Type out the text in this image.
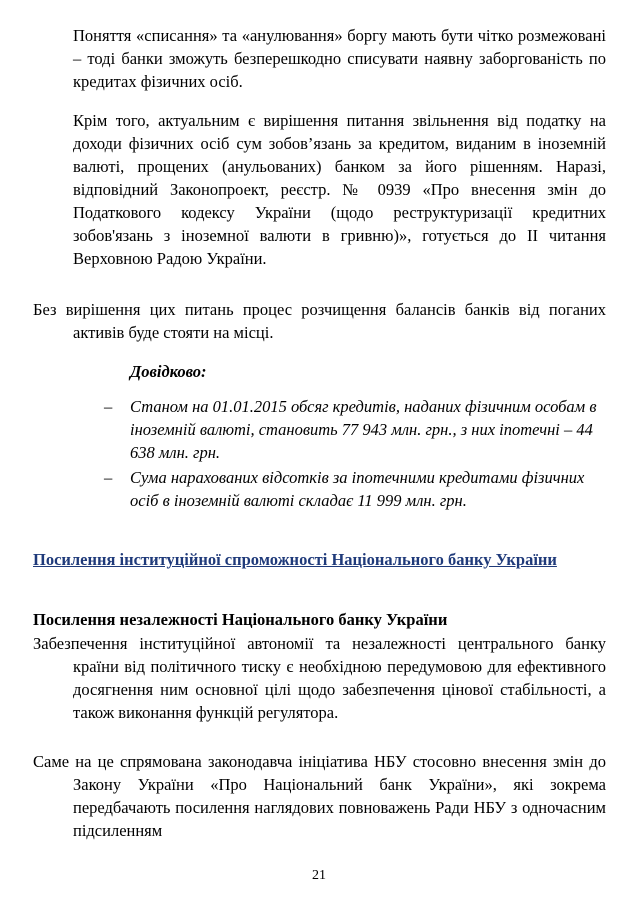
Поняття «списання» та «анулювання» боргу мають бути чітко розмежовані – тоді банки зможуть безперешкодно списувати наявну заборгованість по кредитах фізичних осіб.

Крім того, актуальним є вирішення питання звільнення від податку на доходи фізичних осіб сум зобов’язань за кредитом, виданим в іноземній валюті, прощених (анульованих) банком за його рішенням. Наразі, відповідний Законопроект, реєстр. № 0939 «Про внесення змін до Податкового кодексу України (щодо реструктуризації кредитних зобов'язань з іноземної валюти в гривню)», готується до ІІ читання Верховною Радою України.

Без вирішення цих питань процес розчищення балансів банків від поганих активів буде стояти на місці.

Довідково:
– Станом на 01.01.2015 обсяг кредитів, наданих фізичним особам в іноземній валюті, становить 77 943 млн. грн., з них іпотечні – 44 638 млн. грн.
– Сума нарахованих відсотків за іпотечними кредитами фізичних осіб в іноземній валюті складає 11 999 млн. грн.
Посилення інституційної спроможності Національного банку України
Посилення незалежності Національного банку України

Забезпечення інституційної автономії та незалежності центрального банку країни від політичного тиску є необхідною передумовою для ефективного досягнення ним основної цілі щодо забезпечення цінової стабільності, а також виконання функцій регулятора.

Саме на це спрямована законодавча ініціатива НБУ стосовно внесення змін до Закону України «Про Національний банк України», які зокрема передбачають посилення наглядових повноважень Ради НБУ з одночасним підсиленням

21
